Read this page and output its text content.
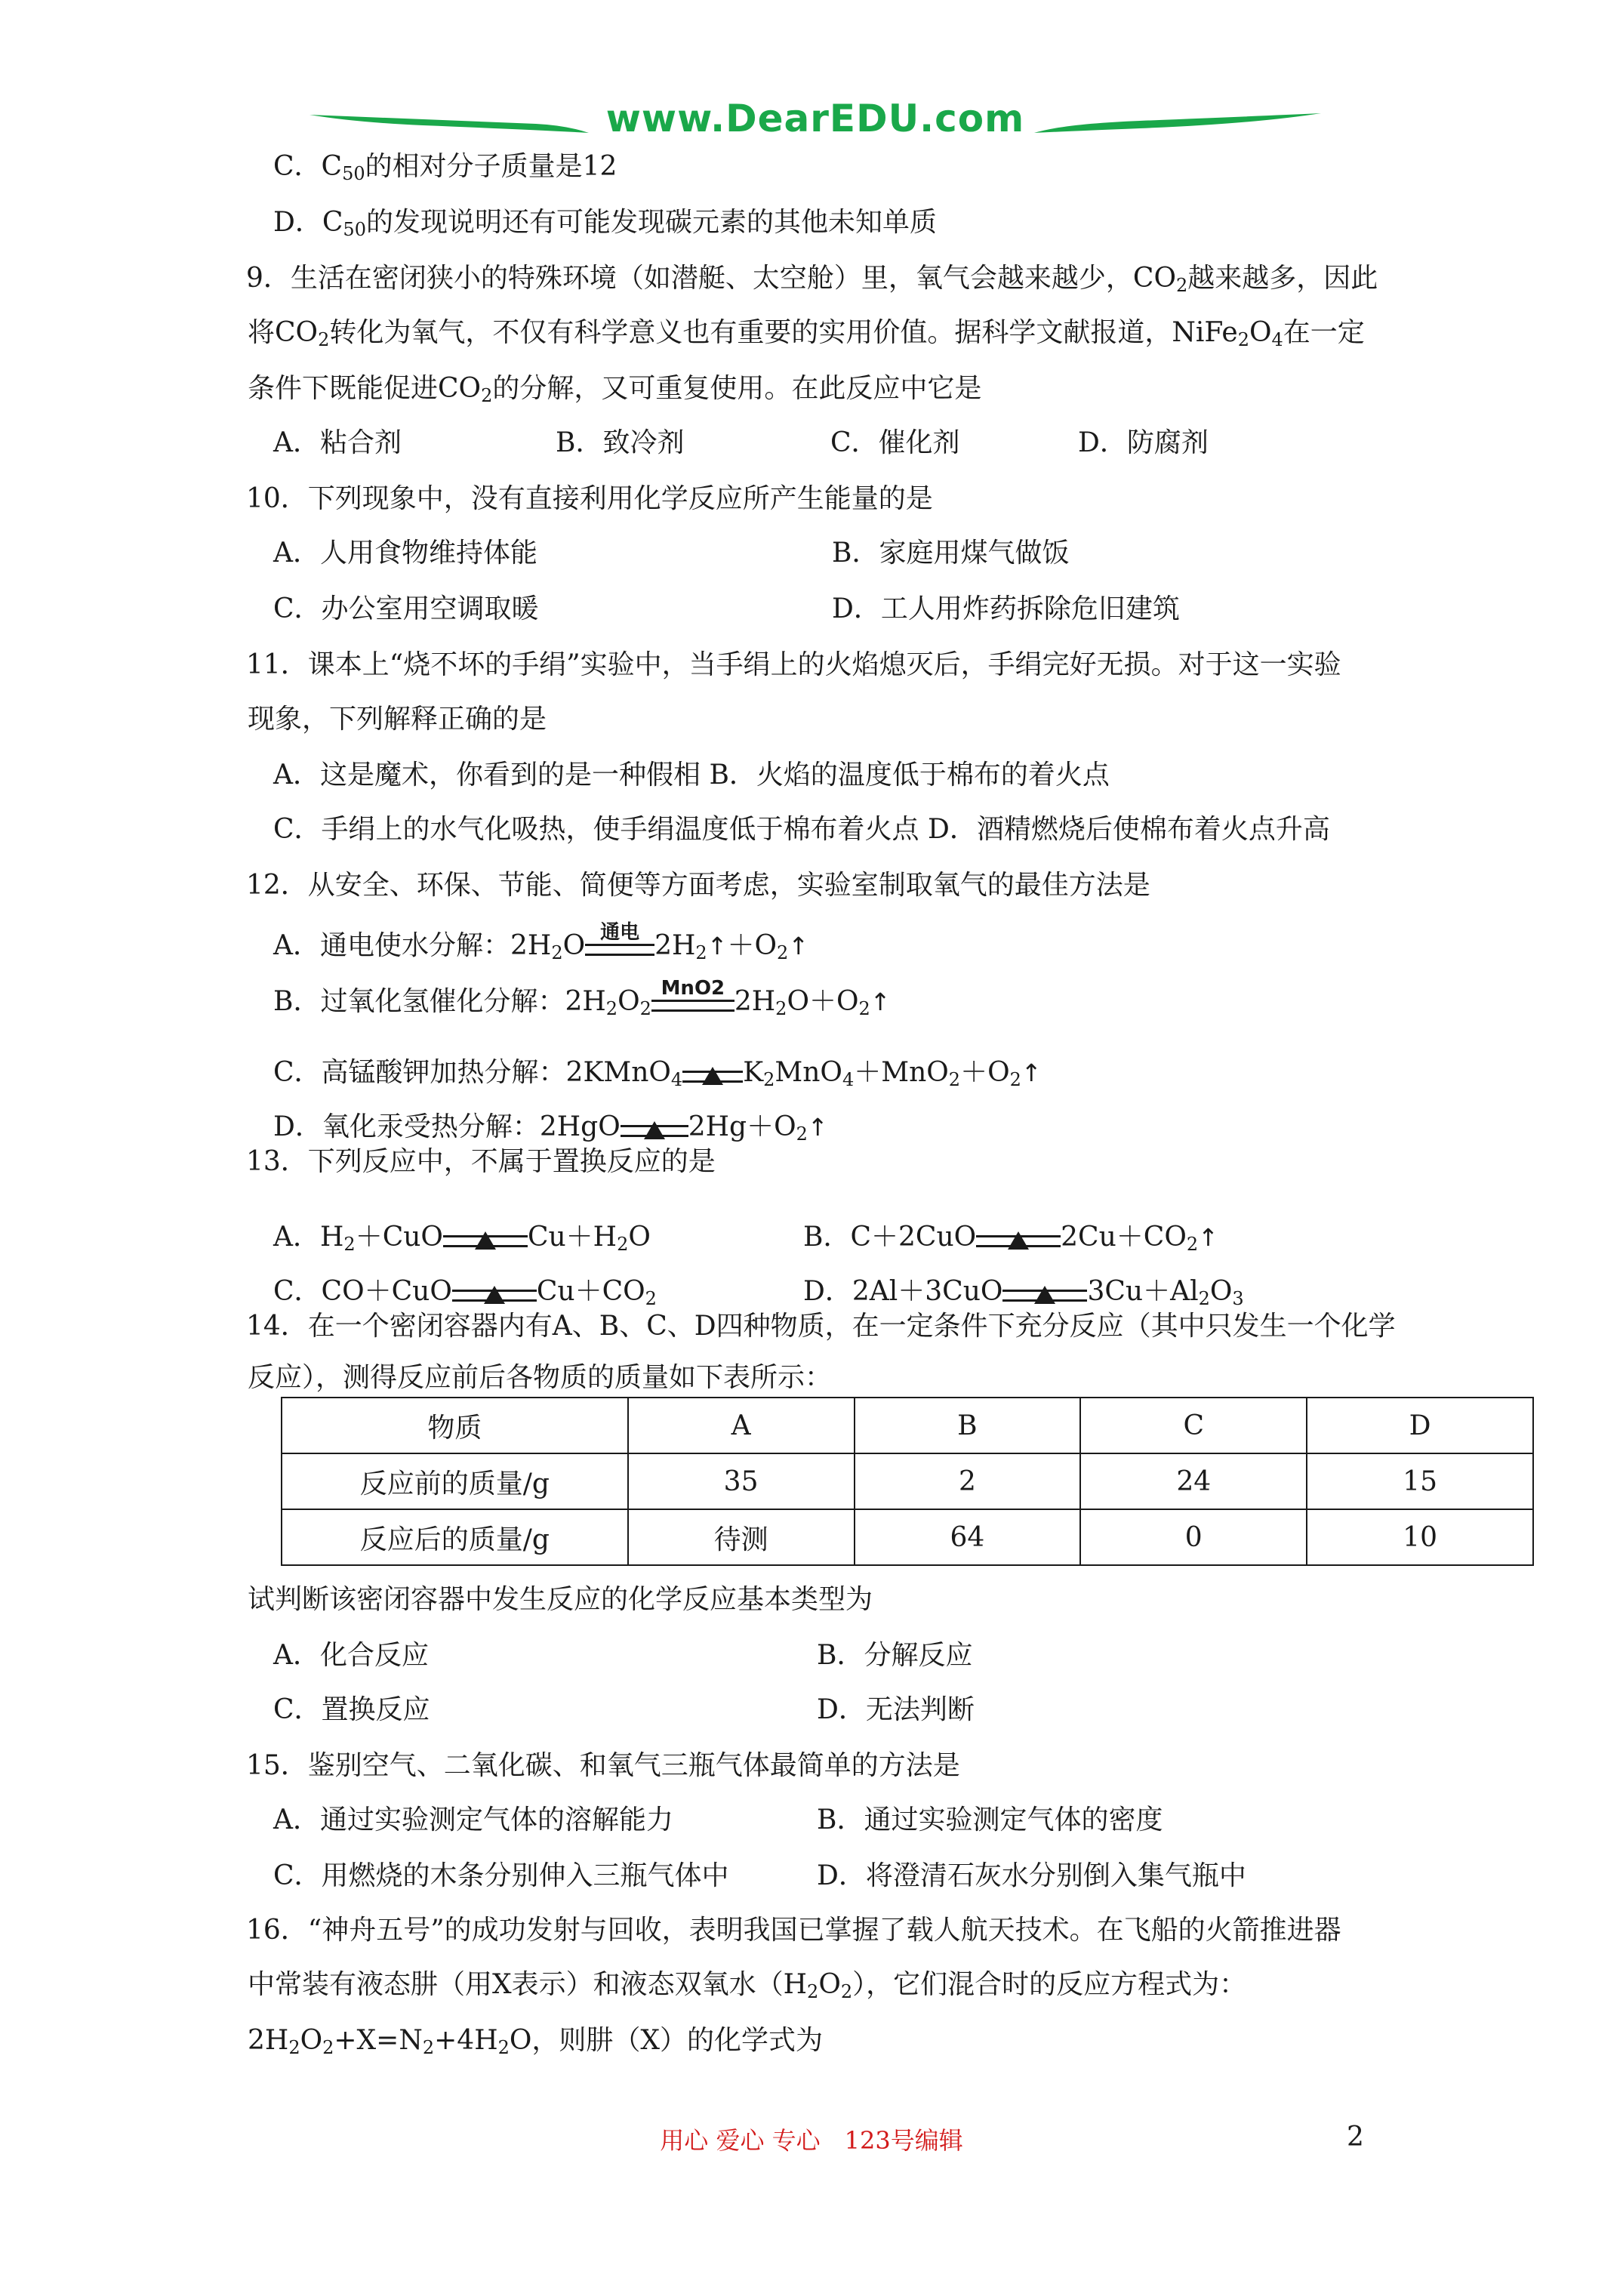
www.DearEDU.com
C．$C_{50}$的相对分子质量是12
D．$C_{50}$的发现说明还有可能发现碳元素的其他未知单质
9．生活在密闭狭小的特殊环境（如潜艇、太空舱）里，氧气会越来越少，$CO_2$越来越多，因此
将$CO_2$转化为氧气，不仅有科学意义也有重要的实用价值。据科学文献报道，$NiFe_2O_4$在一定
条件下既能促进$CO_2$的分解，又可重复使用。在此反应中它是
A．粘合剂	B．致冷剂	C．催化剂	D．防腐剂
10．下列现象中，没有直接利用化学反应所产生能量的是
A．人用食物维持体能	B．家庭用煤气做饭
C．办公室用空调取暖	D．工人用炸药拆除危旧建筑
11．课本上“烧不坏的手绢”实验中，当手绢上的火焰熄灭后，手绢完好无损。对于这一实验
现象，下列解释正确的是
A．这是魔术，你看到的是一种假相 B．火焰的温度低于棉布的着火点
C．手绢上的水气化吸热，使手绢温度低于棉布着火点 D．酒精燃烧后使棉布着火点升高
12．从安全、环保、节能、简便等方面考虑，实验室制取氧气的最佳方法是
A．通电使水分解：$2H_2O$ 通电 $2H_2↑+O_2↑$
B．过氧化氢催化分解：$2H_2O_2$
MnO2 $2H_2O+O_2↑$
C．高锰酸钾加热分解：2KMnO$_4$ $K_2MnO_4+MnO_2+O_2↑$
D．氧化汞受热分解：2HgO	$2Hg+O_2↑$
13．下列反应中，不属于置换反应的是
A．$H_2+CuO$	$Cu+H_2O$	B．C＋2CuO	$2Cu+CO_2↑$
C．CO＋CuO	$Cu+CO_2$	D．2Al＋3CuO	$3Cu+Al_2O_3$
14．在一个密闭容器内有A、B、C、D四种物质，在一定条件下充分反应（其中只发生一个化学
反应），测得反应前后各物质的质量如下表所示：
物质	A	B	C	D
反应前的质量/g	35	2	24	15
反应后的质量/g	待测	64	0	10
试判断该密闭容器中发生反应的化学反应基本类型为
A．化合反应	B．分解反应
C．置换反应	D．无法判断
15．鉴别空气、二氧化碳、和氧气三瓶气体最简单的方法是
A．通过实验测定气体的溶解能力	B．通过实验测定气体的密度
C．用燃烧的木条分别伸入三瓶气体中	D．将澄清石灰水分别倒入集气瓶中
16．“神舟五号”的成功发射与回收，表明我国已掌握了载人航天技术。在飞船的火箭推进器
中常装有液态肼（用X表示）和液态双氧水$(H_2O_2)$，它们混合时的反应方程式为：
$2H_2O_2+X=N_2+4H_2O$，则肼（X）的化学式为
用心 爱心 专心　123号编辑	2
